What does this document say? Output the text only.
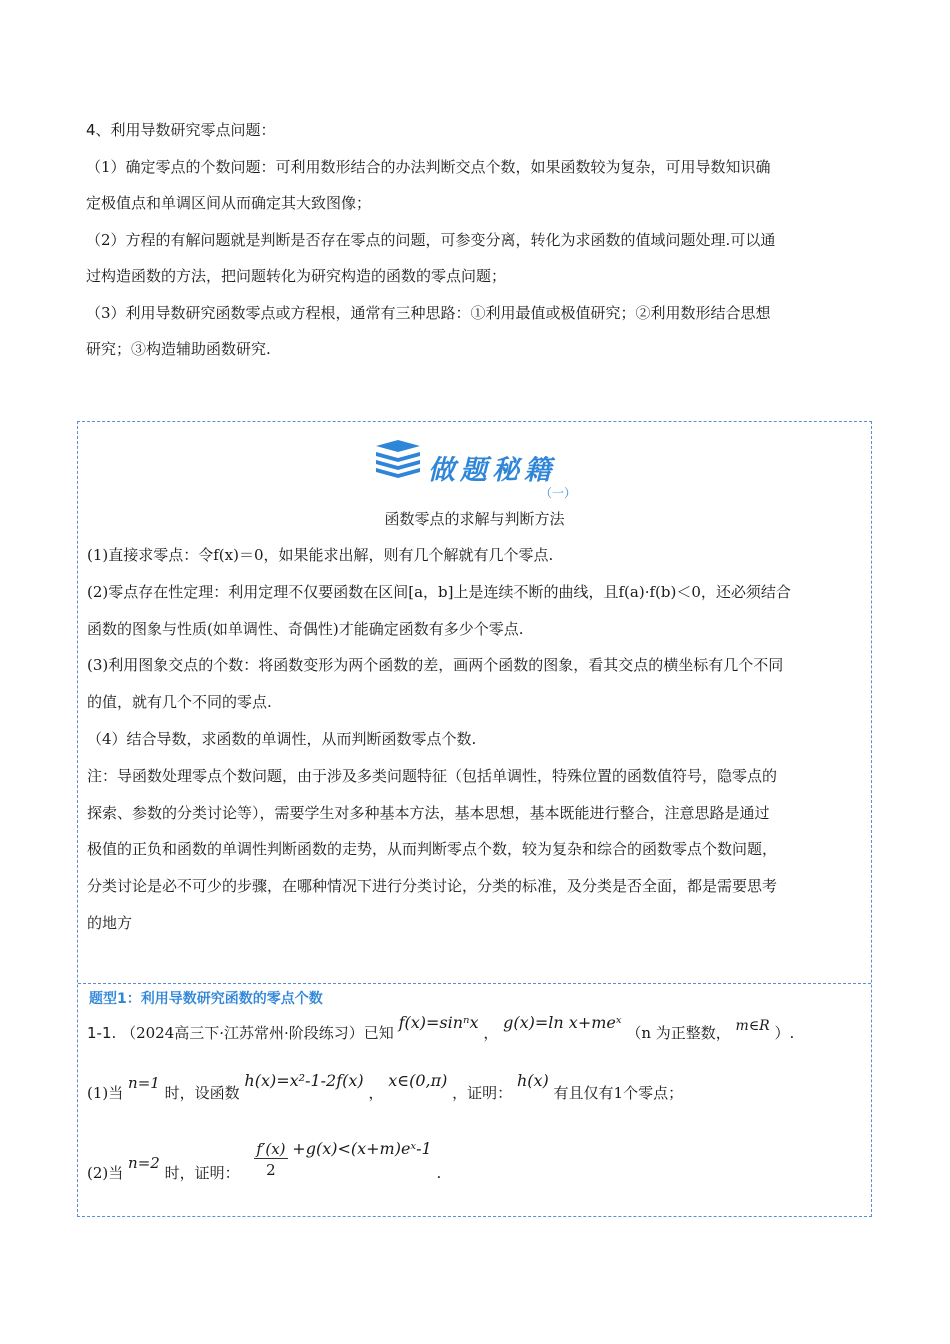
4、利用导数研究零点问题：

（1）确定零点的个数问题：可利用数形结合的办法判断交点个数，如果函数较为复杂，可用导数知识确

定极值点和单调区间从而确定其大致图像；

（2）方程的有解问题就是判断是否存在零点的问题，可参变分离，转化为求函数的值域问题处理.可以通

过构造函数的方法，把问题转化为研究构造的函数的零点问题；

（3）利用导数研究函数零点或方程根，通常有三种思路：①利用最值或极值研究；②利用数形结合思想

研究；③构造辅助函数研究.

做题秘籍
（一）
函数零点的求解与判断方法

(1)直接求零点：令f(x)＝0，如果能求出解，则有几个解就有几个零点.

(2)零点存在性定理：利用定理不仅要函数在区间[a，b]上是连续不断的曲线，且f(a)·f(b)＜0，还必须结合

函数的图象与性质(如单调性、奇偶性)才能确定函数有多少个零点.

(3)利用图象交点的个数：将函数变形为两个函数的差，画两个函数的图象，看其交点的横坐标有几个不同

的值，就有几个不同的零点.

（4）结合导数，求函数的单调性，从而判断函数零点个数.

注：导函数处理零点个数问题，由于涉及多类问题特征（包括单调性，特殊位置的函数值符号，隐零点的

探索、参数的分类讨论等），需要学生对多种基本方法，基本思想，基本既能进行整合，注意思路是通过

极值的正负和函数的单调性判断函数的走势，从而判断零点个数，较为复杂和综合的函数零点个数问题，

分类讨论是必不可少的步骤，在哪种情况下进行分类讨论，分类的标准，及分类是否全面，都是需要思考

的地方

题型1：利用导数研究函数的零点个数
1-1. （2024高三下·江苏常州·阶段练习）已知 f(x)=sinⁿx ， g(x)=ln x+meˣ （n 为正整数， m∈R ）.
(1)当 n=1 时，设函数 h(x)=x²-1-2f(x) ， x∈(0,π) ，证明： h(x) 有且仅有1个零点；
(2)当 n=2 时，证明： $\frac{f'(x)}{2}$ +g(x)<(x+m)eˣ-1 .
